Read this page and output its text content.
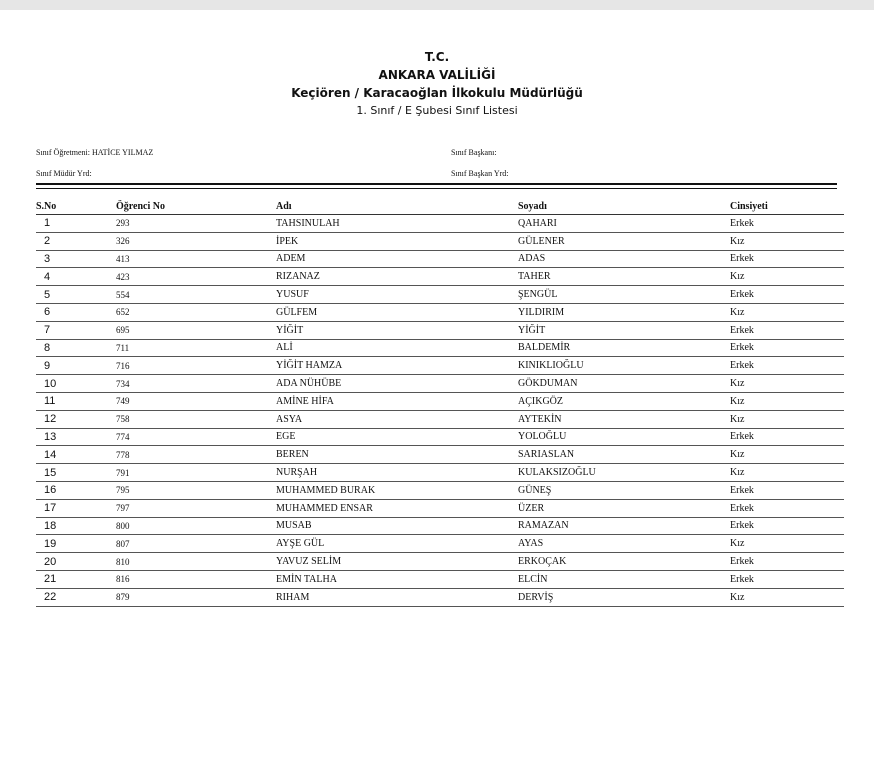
T.C.
ANKARA VALİLİĞİ
Keçiören / Karacaoğlan İlkokulu Müdürlüğü
1. Sınıf / E Şubesi Sınıf Listesi
Sınıf Öğretmeni: HATİCE YILMAZ
Sınıf Müdür Yrd:
Sınıf Başkanı:
Sınıf Başkan Yrd:
S.No	Öğrenci No	Adı	Soyadı	Cinsiyeti
1	293	TAHSINULAH	QAHARI	Erkek
2	326	İPEK	GÜLENER	Kız
3	413	ADEM	ADAS	Erkek
4	423	RIZANAZ	TAHER	Kız
5	554	YUSUF	ŞENGÜL	Erkek
6	652	GÜLFEM	YILDIRIM	Kız
7	695	YİĞİT	YİĞİT	Erkek
8	711	ALİ	BALDEMİR	Erkek
9	716	YİĞİT HAMZA	KINIKLIOĞLU	Erkek
10	734	ADA NÜHÜBE	GÖKDUMAN	Kız
11	749	AMİNE HİFA	AÇIKGÖZ	Kız
12	758	ASYA	AYTEKİN	Kız
13	774	EGE	YOLOĞLU	Erkek
14	778	BEREN	SARIASLAN	Kız
15	791	NURŞAH	KULAKSIZOĞLU	Kız
16	795	MUHAMMED BURAK	GÜNEŞ	Erkek
17	797	MUHAMMED ENSAR	ÜZER	Erkek
18	800	MUSAB	RAMAZAN	Erkek
19	807	AYŞE GÜL	AYAS	Kız
20	810	YAVUZ SELİM	ERKOÇAK	Erkek
21	816	EMİN TALHA	ELCİN	Erkek
22	879	RIHAM	DERVİŞ	Kız
